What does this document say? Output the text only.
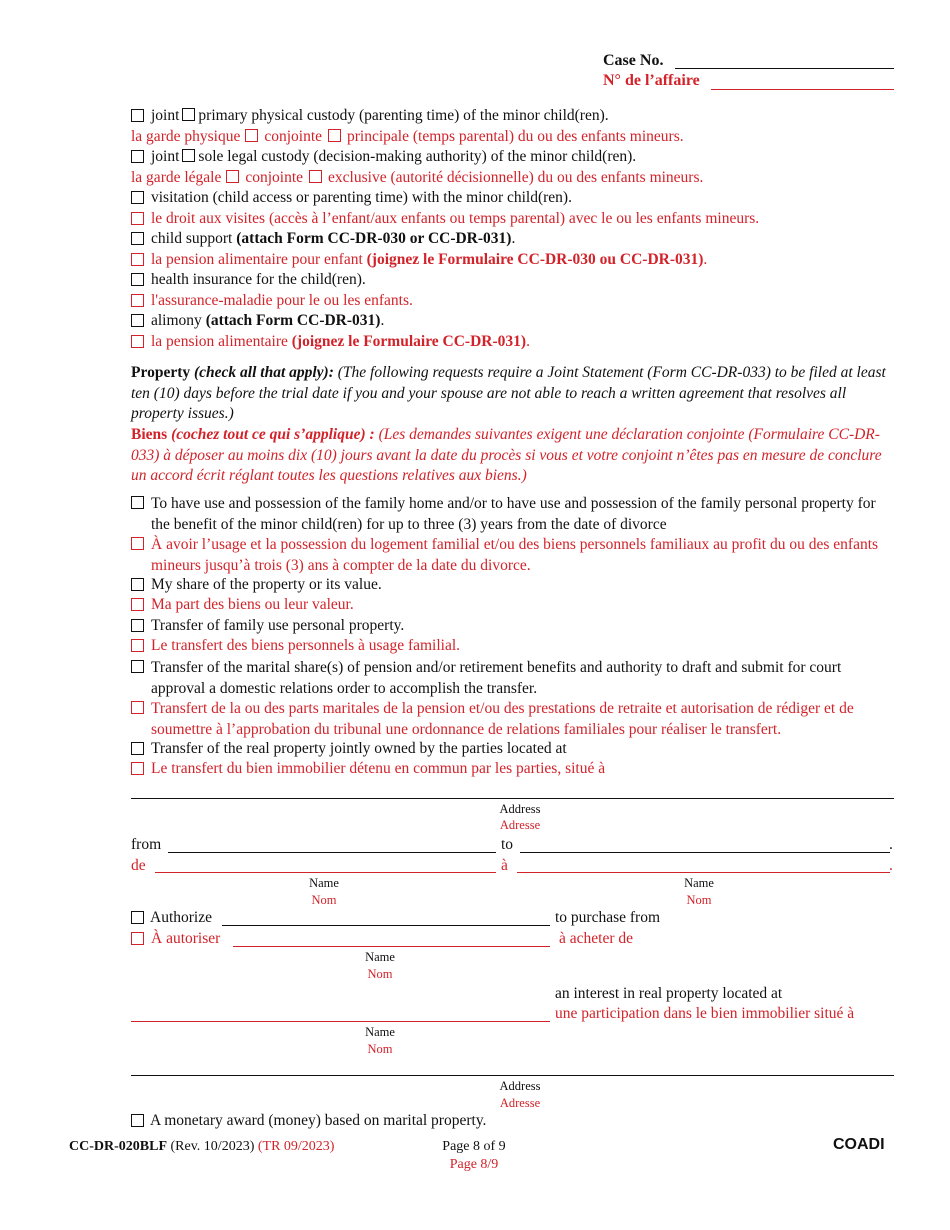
Case No.
N° de l’affaire
joint primary physical custody (parenting time) of the minor child(ren).
la garde physique conjointe principale (temps parental) du ou des enfants mineurs.
joint sole legal custody (decision-making authority) of the minor child(ren).
la garde légale conjointe exclusive (autorité décisionnelle) du ou des enfants mineurs.
visitation (child access or parenting time) with the minor child(ren).
le droit aux visites (accès à l’enfant/aux enfants ou temps parental) avec le ou les enfants mineurs.
child support (attach Form CC-DR-030 or CC-DR-031).
la pension alimentaire pour enfant (joignez le Formulaire CC-DR-030 ou CC-DR-031).
health insurance for the child(ren).
l'assurance-maladie pour le ou les enfants.
alimony (attach Form CC-DR-031).
la pension alimentaire (joignez le Formulaire CC-DR-031).
Property (check all that apply): (The following requests require a Joint Statement (Form CC-DR-033) to be filed at least ten (10) days before the trial date if you and your spouse are not able to reach a written agreement that resolves all property issues.)
Biens (cochez tout ce qui s’applique) : (Les demandes suivantes exigent une déclaration conjointe (Formulaire CC-DR-033) à déposer au moins dix (10) jours avant la date du procès si vous et votre conjoint n’êtes pas en mesure de conclure un accord écrit réglant toutes les questions relatives aux biens.)
To have use and possession of the family home and/or to have use and possession of the family personal property for the benefit of the minor child(ren) for up to three (3) years from the date of divorce
À avoir l’usage et la possession du logement familial et/ou des biens personnels familiaux au profit du ou des enfants mineurs jusqu’à trois (3) ans à compter de la date du divorce.
My share of the property or its value.
Ma part des biens ou leur valeur.
Transfer of family use personal property.
Le transfert des biens personnels à usage familial.
Transfer of the marital share(s) of pension and/or retirement benefits and authority to draft and submit for court approval a domestic relations order to accomplish the transfer.
Transfert de la ou des parts maritales de la pension et/ou des prestations de retraite et autorisation de rédiger et de soumettre à l’approbation du tribunal une ordonnance de relations familiales pour réaliser le transfert.
Transfer of the real property jointly owned by the parties located at
Le transfert du bien immobilier détenu en commun par les parties, situé à
Address
Adresse
from	to	.
de	à	.
Name
Nom
Name
Nom
Authorize	to purchase from
À autoriser	à acheter de
Name
Nom
an interest in real property located at
une participation dans le bien immobilier situé à
Name
Nom
Address
Adresse
A monetary award (money) based on marital property.
CC-DR-020BLF (Rev. 10/2023) (TR 09/2023)	Page 8 of 9
Page 8/9
COADI
